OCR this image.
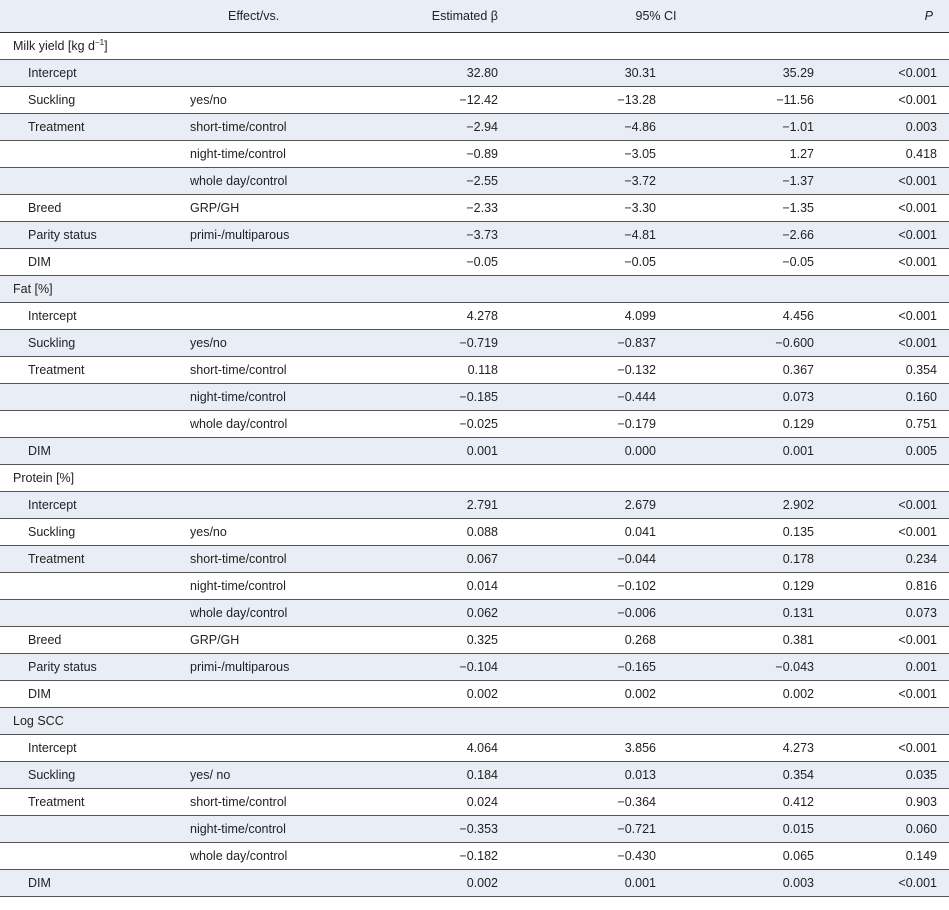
	Effect/vs.	Estimated β	95% CI		P
Milk yield [kg $d^{-1}$]					
Intercept		32.80	30.31	35.29	<0.001
Suckling	yes/no	−12.42	−13.28	−11.56	<0.001
Treatment	short-time/control	−2.94	−4.86	−1.01	0.003
	night-time/control	−0.89	−3.05	1.27	0.418
	whole day/control	−2.55	−3.72	−1.37	<0.001
Breed	GRP/GH	−2.33	−3.30	−1.35	<0.001
Parity status	primi-/multiparous	−3.73	−4.81	−2.66	<0.001
DIM		−0.05	−0.05	−0.05	<0.001
Fat [%]					
Intercept		4.278	4.099	4.456	<0.001
Suckling	yes/no	−0.719	−0.837	−0.600	<0.001
Treatment	short-time/control	0.118	−0.132	0.367	0.354
	night-time/control	−0.185	−0.444	0.073	0.160
	whole day/control	−0.025	−0.179	0.129	0.751
DIM		0.001	0.000	0.001	0.005
Protein [%]					
Intercept		2.791	2.679	2.902	<0.001
Suckling	yes/no	0.088	0.041	0.135	<0.001
Treatment	short-time/control	0.067	−0.044	0.178	0.234
	night-time/control	0.014	−0.102	0.129	0.816
	whole day/control	0.062	−0.006	0.131	0.073
Breed	GRP/GH	0.325	0.268	0.381	<0.001
Parity status	primi-/multiparous	−0.104	−0.165	−0.043	0.001
DIM		0.002	0.002	0.002	<0.001
Log SCC					
Intercept		4.064	3.856	4.273	<0.001
Suckling	yes/ no	0.184	0.013	0.354	0.035
Treatment	short-time/control	0.024	−0.364	0.412	0.903
	night-time/control	−0.353	−0.721	0.015	0.060
	whole day/control	−0.182	−0.430	0.065	0.149
DIM		0.002	0.001	0.003	<0.001
